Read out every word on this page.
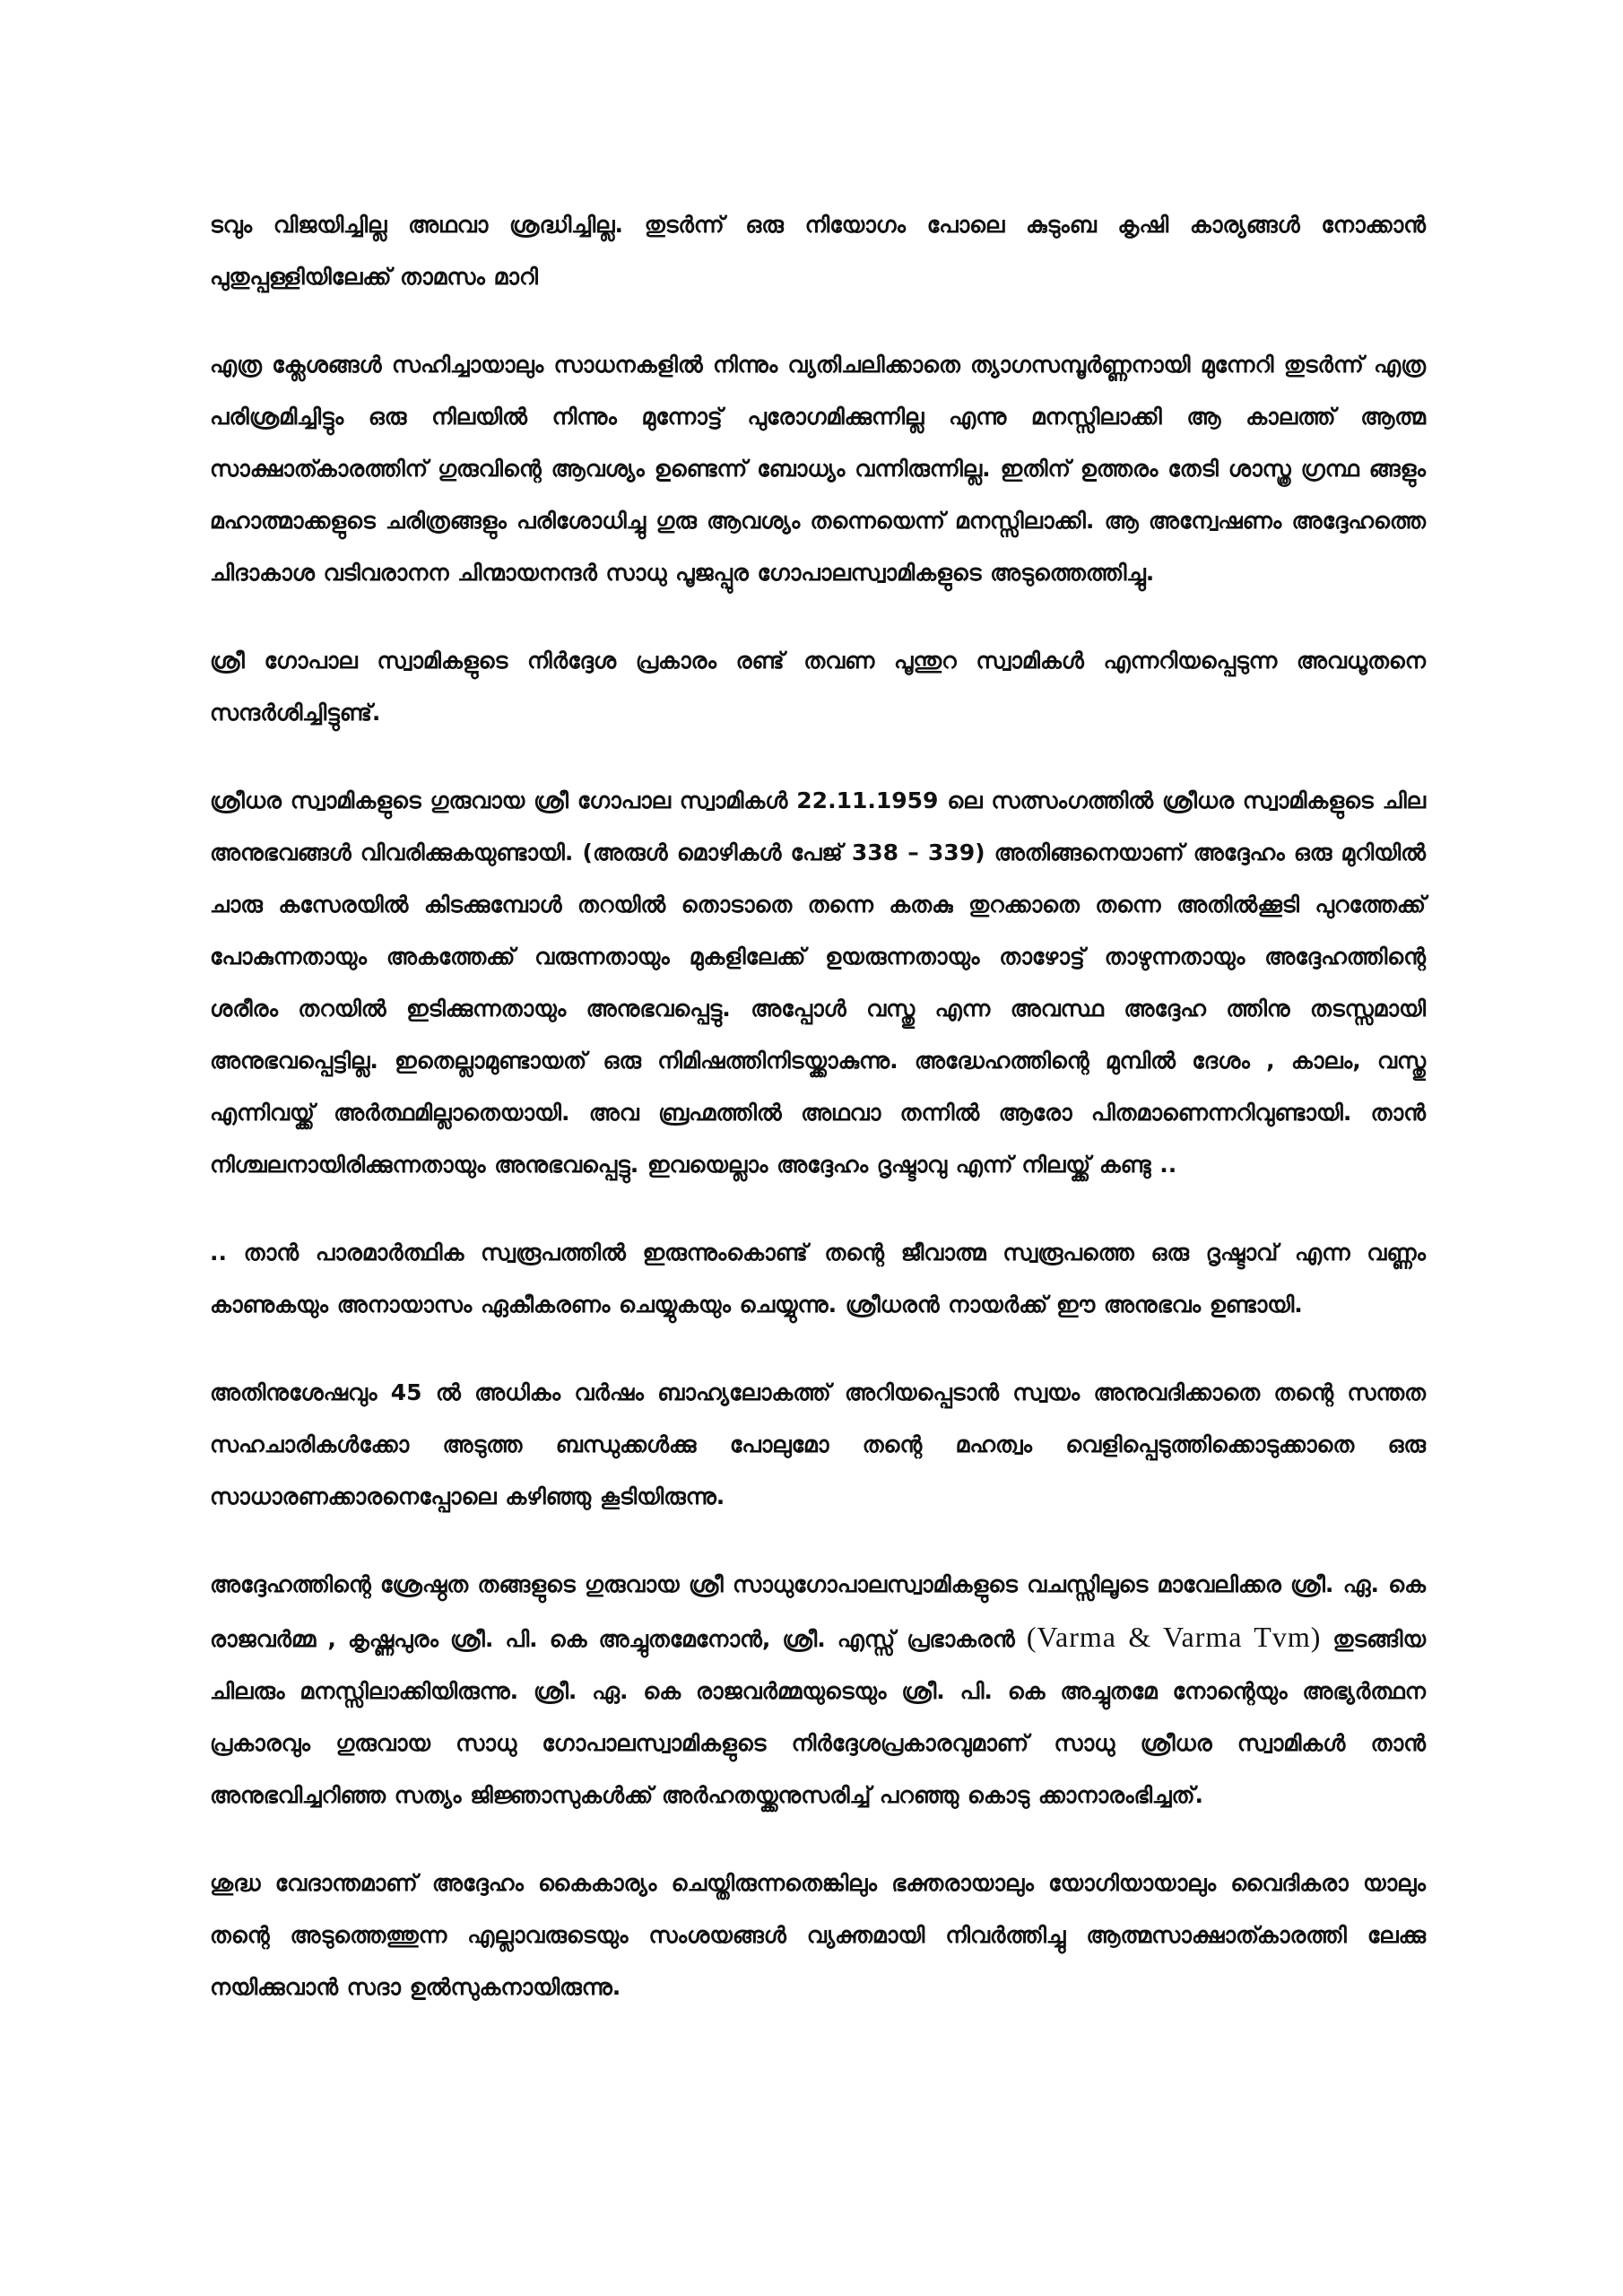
ടവും വിജയിച്ചില്ല അഥവാ ശ്രദ്ധിച്ചില്ല. തുടർന്ന് ഒരു നിയോഗം പോലെ കുടുംബ കൃഷി കാര്യങ്ങൾ നോക്കാൻ പുതുപ്പള്ളിയിലേക്ക് താമസം മാറി

എത്ര ക്ലേശങ്ങൾ സഹിച്ചായാലും സാധനകളിൽ നിന്നും വ്യതിചലിക്കാതെ ത്യാഗസമ്പൂർണ്ണനായി മുന്നേറി തുടർന്ന് എത്ര പരിശ്രമിച്ചിട്ടും ഒരു നിലയിൽ നിന്നും മുന്നോട്ട് പുരോഗമിക്കുന്നില്ല എന്നു മനസ്സിലാക്കി ആ കാലത്ത് ആത്മ സാക്ഷാത്കാരത്തിന് ഗുരുവിന്റെ ആവശ്യം ഉണ്ടെന്ന് ബോധ്യം വന്നിരുന്നില്ല. ഇതിന് ഉത്തരം തേടി ശാസ്ത്ര ഗ്രന്ഥ ങ്ങളും മഹാത്മാക്കളുടെ ചരിത്രങ്ങളും പരിശോധിച്ചു ഗുരു ആവശ്യം തന്നെയെന്ന് മനസ്സിലാക്കി. ആ അന്വേഷണം അദ്ദേഹത്തെ ചിദാകാശ വടിവരാനന ചിന്മായനന്ദർ സാധു പൂജപ്പുര ഗോപാലസ്വാമികളുടെ അടുത്തെത്തിച്ചു.

ശ്രീ ഗോപാല സ്വാമികളുടെ നിർദ്ദേശ പ്രകാരം രണ്ട് തവണ പൂന്തുറ സ്വാമികൾ എന്നറിയപ്പെടുന്ന അവധൂതനെ സന്ദർശിച്ചിട്ടുണ്ട്.

ശ്രീധര സ്വാമികളുടെ ഗുരുവായ ശ്രീ ഗോപാല സ്വാമികൾ 22.11.1959 ലെ സത്സംഗത്തിൽ ശ്രീധര സ്വാമികളുടെ ചില അനുഭവങ്ങൾ വിവരിക്കുകയുണ്ടായി. (അരുൾ മൊഴികൾ പേജ് 338 – 339) അതിങ്ങനെയാണ് അദ്ദേഹം ഒരു മുറിയിൽ ചാരു കസേരയിൽ കിടക്കുമ്പോൾ തറയിൽ തൊടാതെ തന്നെ കതകു തുറക്കാതെ തന്നെ അതിൽക്കൂടി പുറത്തേക്ക് പോകുന്നതായും അകത്തേക്ക് വരുന്നതായും മുകളിലേക്ക് ഉയരുന്നതായും താഴോട്ട് താഴുന്നതായും അദ്ദേഹത്തിന്റെ ശരീരം തറയിൽ ഇടിക്കുന്നതായും അനുഭവപ്പെട്ടു. അപ്പോൾ വസ്തു എന്ന അവസ്ഥ അദ്ദേഹ ത്തിനു തടസ്സമായി അനുഭവപ്പെട്ടില്ല. ഇതെല്ലാമുണ്ടായത് ഒരു നിമിഷത്തിനിടയ്ക്കാകുന്നു. അദ്ധേഹത്തിന്റെ മുമ്പിൽ ദേശം , കാലം, വസ്തു എന്നിവയ്ക്ക് അർത്ഥമില്ലാതെയായി. അവ ബ്രഹ്മത്തിൽ അഥവാ തന്നിൽ ആരോ പിതമാണെന്നറിവുണ്ടായി. താൻ നിശ്ചലനായിരിക്കുന്നതായും അനുഭവപ്പെട്ടു. ഇവയെല്ലാം അദ്ദേഹം ദൃഷ്ടാവു എന്ന് നിലയ്ക്ക് കണ്ടു ..

.. താൻ പാരമാർത്ഥിക സ്വരൂപത്തിൽ ഇരുന്നുംകൊണ്ട് തന്റെ ജീവാത്മ സ്വരൂപത്തെ ഒരു ദൃഷ്ടാവ് എന്ന വണ്ണം കാണുകയും അനായാസം ഏകീകരണം ചെയ്യുകയും ചെയ്യുന്നു. ശ്രീധരൻ നായർക്ക് ഈ അനുഭവം ഉണ്ടായി.

അതിനുശേഷവും 45 ൽ അധികം വർഷം ബാഹ്യലോകത്ത് അറിയപ്പെടാൻ സ്വയം അനുവദിക്കാതെ തന്റെ സന്തത സഹചാരികൾക്കോ അടുത്ത ബന്ധുക്കൾക്കു പോലുമോ തന്റെ മഹത്വം വെളിപ്പെടുത്തിക്കൊടുക്കാതെ ഒരു സാധാരണക്കാരനെപ്പോലെ കഴിഞ്ഞു കൂടിയിരുന്നു.

അദ്ദേഹത്തിന്റെ ശ്രേഷ്ഠത തങ്ങളുടെ ഗുരുവായ ശ്രീ സാധുഗോപാലസ്വാമികളുടെ വചസ്സിലൂടെ മാവേലിക്കര ശ്രീ. ഏ. കെ രാജവർമ്മ , കൃഷ്ണപുരം ശ്രീ. പി. കെ അച്ചുതമേനോൻ, ശ്രീ. എസ്സ് പ്രഭാകരൻ (Varma & Varma Tvm) തുടങ്ങിയ ചിലരും മനസ്സിലാക്കിയിരുന്നു. ശ്രീ. ഏ. കെ രാജവർമ്മയുടെയും ശ്രീ. പി. കെ അച്ചുതമേ നോന്റെയും അഭ്യർത്ഥന പ്രകാരവും ഗുരുവായ സാധു ഗോപാലസ്വാമികളുടെ നിർദ്ദേശപ്രകാരവുമാണ് സാധു ശ്രീധര സ്വാമികൾ താൻ അനുഭവിച്ചറിഞ്ഞ സത്യം ജിജ്ഞാസുകൾക്ക് അർഹതയ്ക്കനുസരിച്ച് പറഞ്ഞു കൊടു ക്കാനാരംഭിച്ചത്.

ശുദ്ധ വേദാന്തമാണ് അദ്ദേഹം കൈകാര്യം ചെയ്തിരുന്നതെങ്കിലും ഭക്തരായാലും യോഗിയായാലും വൈദികരാ യാലും തന്റെ അടുത്തെത്തുന്ന എല്ലാവരുടെയും സംശയങ്ങൾ വ്യക്തമായി നിവർത്തിച്ചു ആത്മസാക്ഷാത്കാരത്തി ലേക്കു നയിക്കുവാൻ സദാ ഉൽസുകനായിരുന്നു.
